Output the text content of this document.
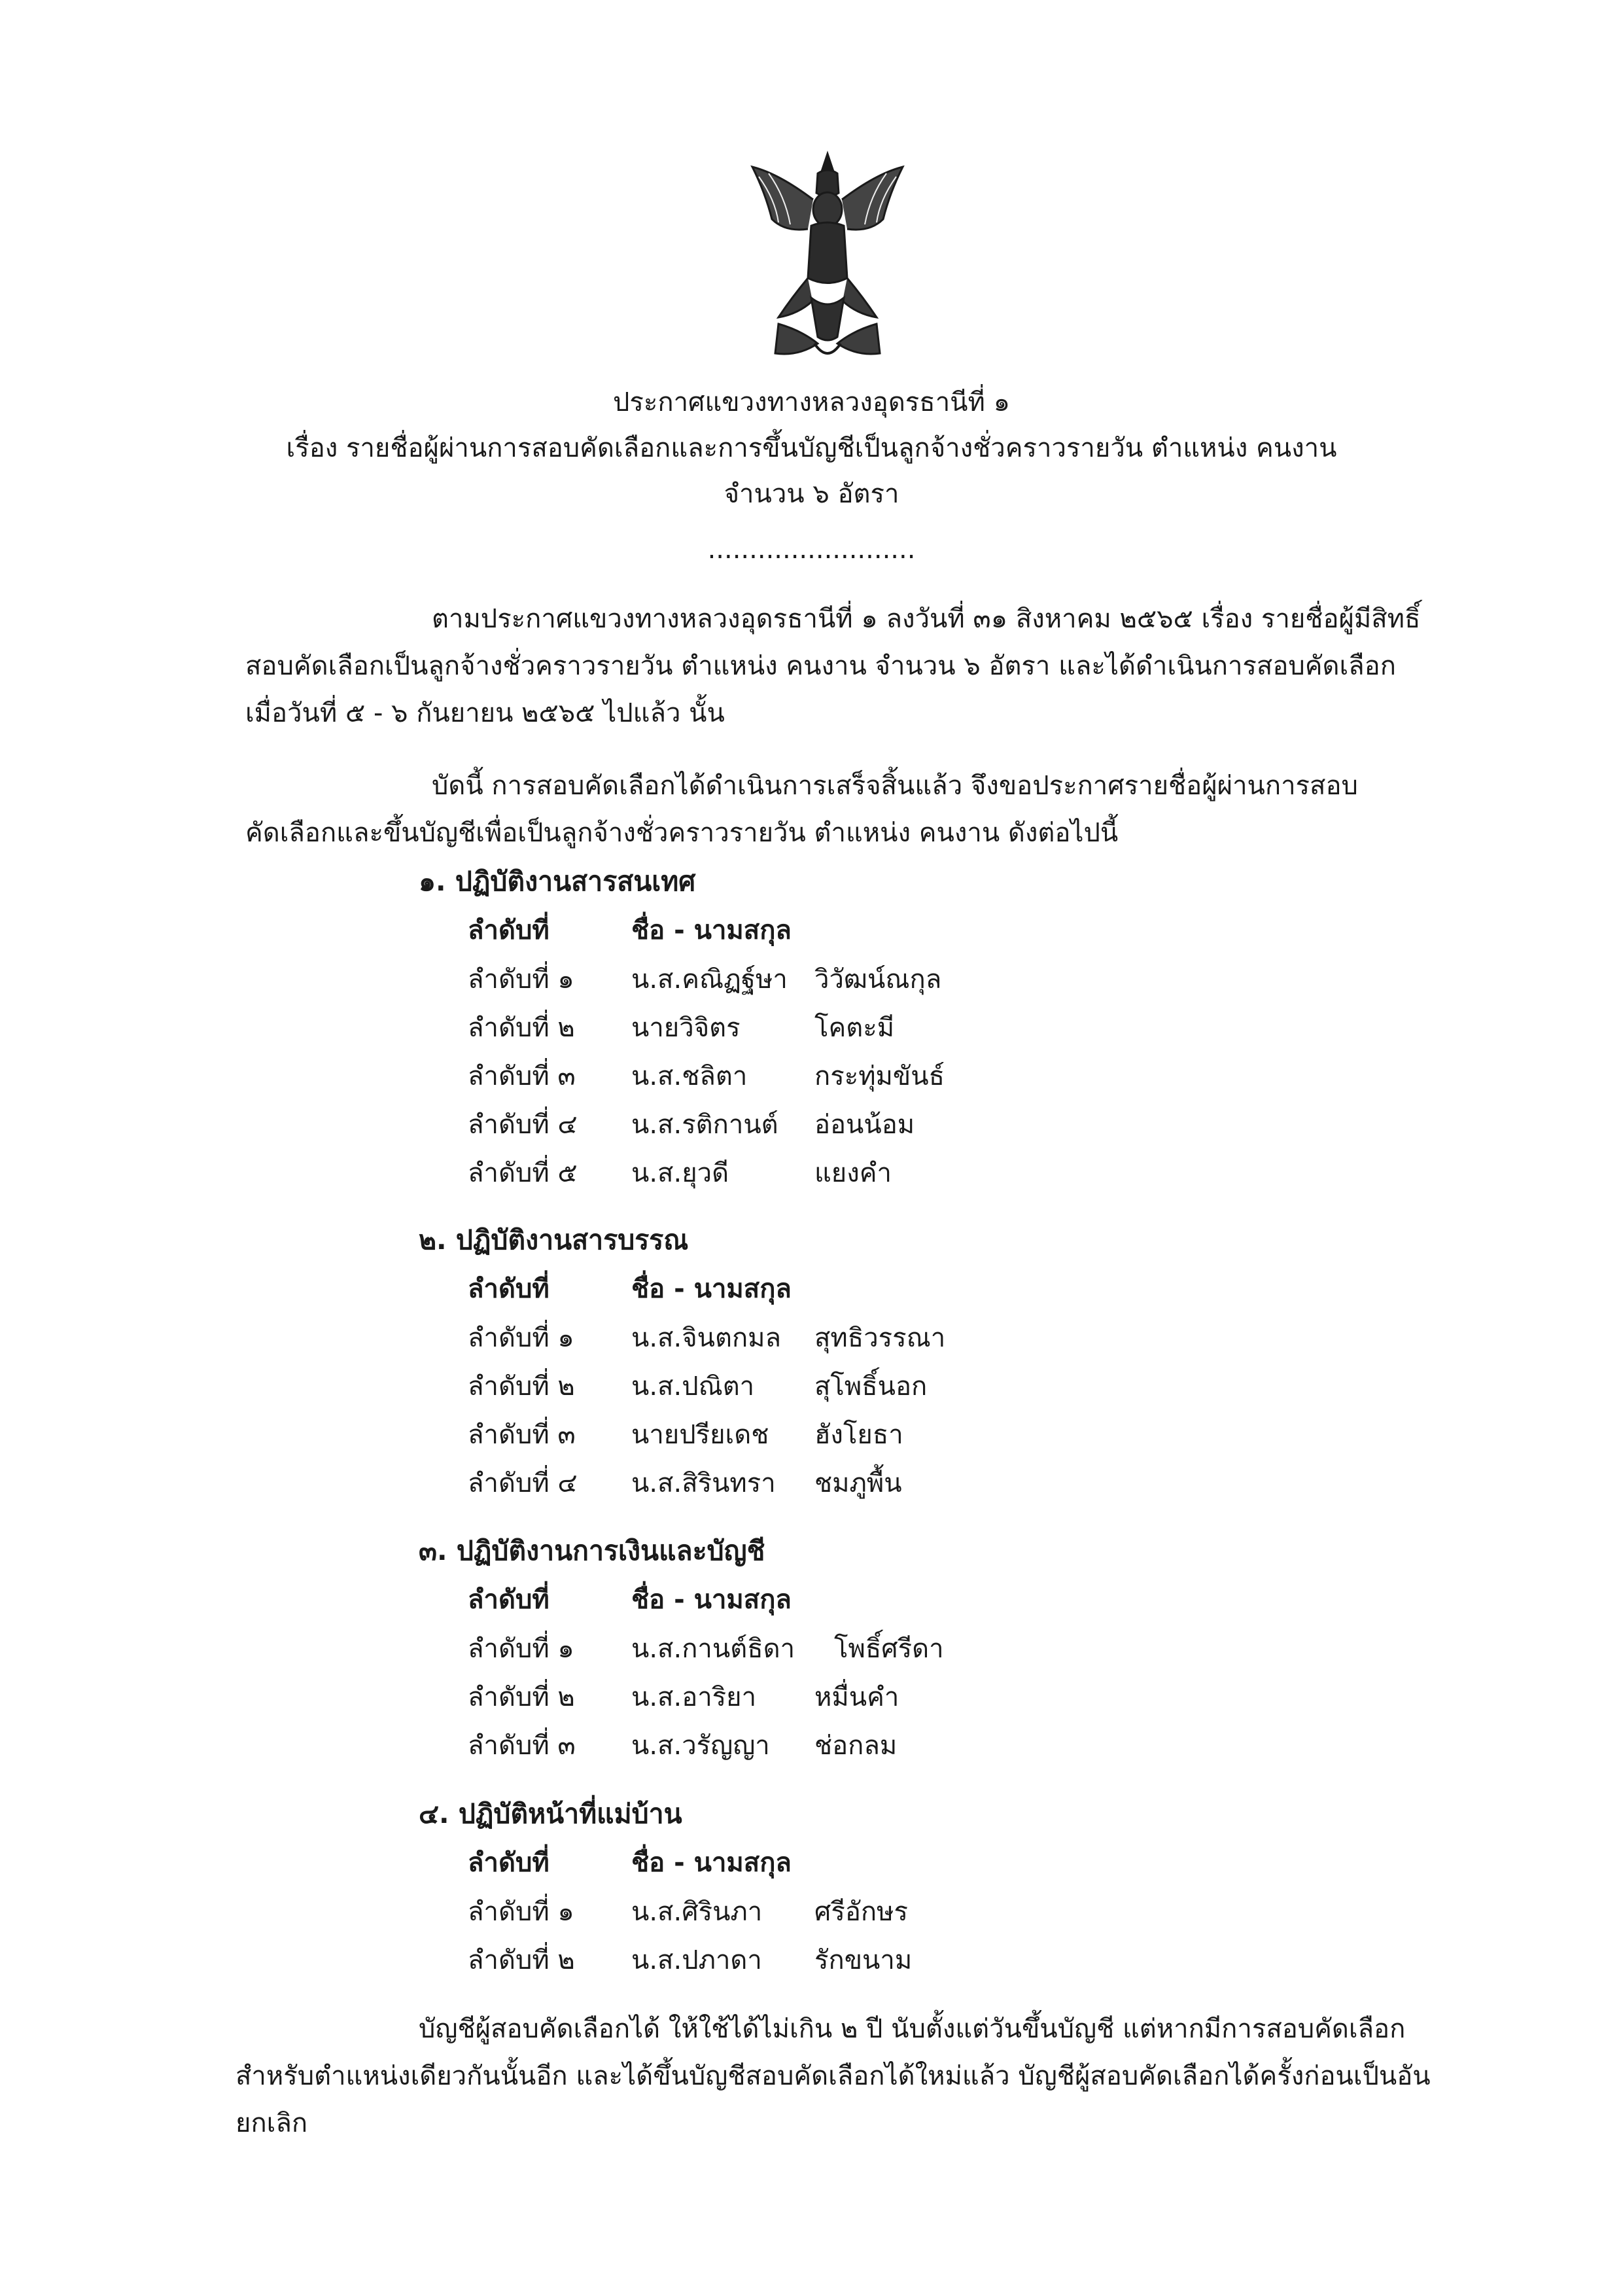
ประกาศแขวงทางหลวงอุดรธานีที่ ๑
เรื่อง รายชื่อผู้ผ่านการสอบคัดเลือกและการขึ้นบัญชีเป็นลูกจ้างชั่วคราวรายวัน ตำแหน่ง คนงาน
จำนวน ๖ อัตรา
.........................
ตามประกาศแขวงทางหลวงอุดรธานีที่ ๑ ลงวันที่ ๓๑ สิงหาคม ๒๕๖๕ เรื่อง รายชื่อผู้มีสิทธิ์
สอบคัดเลือกเป็นลูกจ้างชั่วคราวรายวัน ตำแหน่ง คนงาน จำนวน ๖ อัตรา และได้ดำเนินการสอบคัดเลือก
เมื่อวันที่ ๕ - ๖ กันยายน ๒๕๖๕ ไปแล้ว นั้น
บัดนี้ การสอบคัดเลือกได้ดำเนินการเสร็จสิ้นแล้ว จึงขอประกาศรายชื่อผู้ผ่านการสอบ
คัดเลือกและขึ้นบัญชีเพื่อเป็นลูกจ้างชั่วคราวรายวัน ตำแหน่ง คนงาน ดังต่อไปนี้
๑. ปฏิบัติงานสารสนเทศ
ลำดับที่	ชื่อ - นามสกุล
ลำดับที่ ๑ น.ส.คณิฏฐ์ษา วิวัฒน์ณกุล
ลำดับที่ ๒ นายวิจิตร	โคตะมี
ลำดับที่ ๓ น.ส.ชลิตา	กระทุ่มขันธ์
ลำดับที่ ๔ น.ส.รติกานต์ อ่อนน้อม
ลำดับที่ ๕ น.ส.ยุวดี	แยงคำ
๒. ปฏิบัติงานสารบรรณ
ลำดับที่	ชื่อ - นามสกุล
ลำดับที่ ๑ น.ส.จินตกมล สุทธิวรรณา
ลำดับที่ ๒ น.ส.ปณิตา สุโพธิ์นอก
ลำดับที่ ๓ นายปรียเดช ฮังโยธา
ลำดับที่ ๔ น.ส.สิรินทรา ชมภูพื้น
๓. ปฏิบัติงานการเงินและบัญชี
ลำดับที่	ชื่อ - นามสกุล
ลำดับที่ ๑ น.ส.กานต์ธิดา โพธิ์ศรีดา
ลำดับที่ ๒ น.ส.อาริยา หมื่นคำ
ลำดับที่ ๓ น.ส.วรัญญา ช่อกลม
๔. ปฏิบัติหน้าที่แม่บ้าน
ลำดับที่	ชื่อ - นามสกุล
ลำดับที่ ๑ น.ส.ศิรินภา ศรีอักษร
ลำดับที่ ๒ น.ส.ปภาดา รักขนาม
บัญชีผู้สอบคัดเลือกได้ ให้ใช้ได้ไม่เกิน ๒ ปี นับตั้งแต่วันขึ้นบัญชี แต่หากมีการสอบคัดเลือก
สำหรับตำแหน่งเดียวกันนั้นอีก และได้ขึ้นบัญชีสอบคัดเลือกได้ใหม่แล้ว บัญชีผู้สอบคัดเลือกได้ครั้งก่อนเป็นอัน
ยกเลิก
